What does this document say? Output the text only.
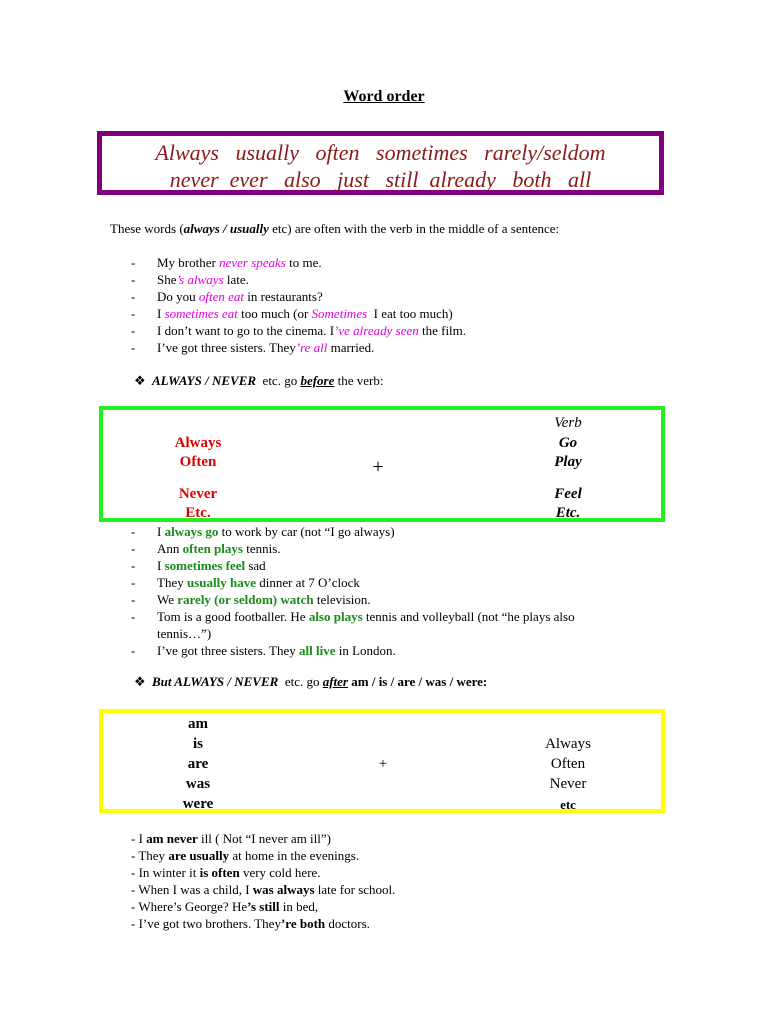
Word order
Always   usually   often   sometimes   rarely/seldom
never  ever   also   just   still  already   both   all
These words (always / usually etc) are often with the verb in the middle of a sentence:
- My brother never speaks to me.
- She’s always late.
- Do you often eat in restaurants?
- I sometimes eat too much (or Sometimes  I eat too much)
- I don’t want to go to the cinema. I’ve already seen the film.
- I’ve got three sisters. They’re all married.
❖ ALWAYS / NEVER  etc. go before the verb:
Always
Often
Never
Etc.
+
Verb
Go
Play
Feel
Etc.
- I always go to work by car (not “I go always)
- Ann often plays tennis.
- I sometimes feel sad
- They usually have dinner at 7 O’clock
- We rarely (or seldom) watch television.
- Tom is a good footballer. He also plays tennis and volleyball (not “he plays also
tennis…”)
- I’ve got three sisters. They all live in London.
❖ But ALWAYS / NEVER  etc. go after am / is / are / was / were:
am
is
are
was
were
+
Always
Often
Never
etc
- I am never ill ( Not “I never am ill”)
- They are usually at home in the evenings.
- In winter it is often very cold here.
- When I was a child, I was always late for school.
- Where’s George? He’s still in bed,
- I’ve got two brothers. They’re both doctors.
